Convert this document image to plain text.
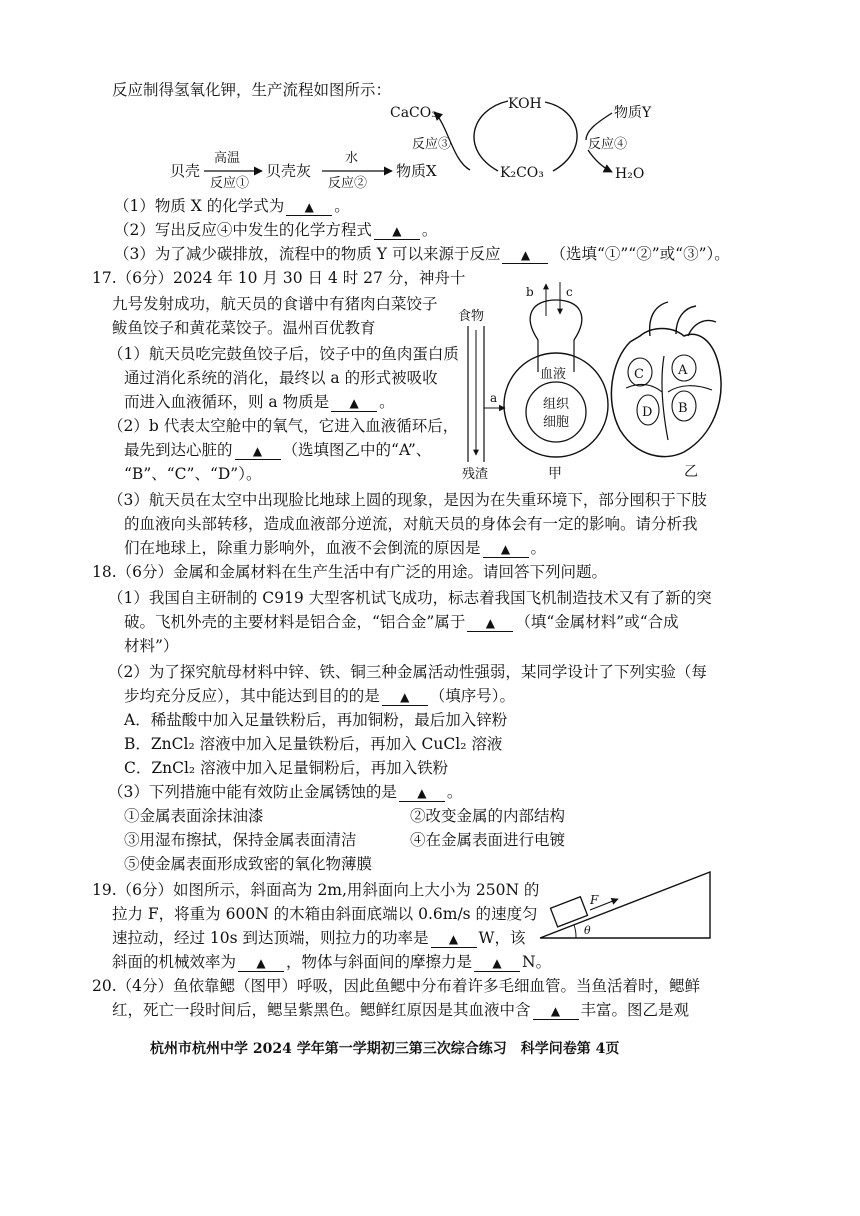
反应制得氢氧化钾，生产流程如图所示：
贝壳
高温
反应①
贝壳灰
水
反应②
物质X
CaCO₃
反应③
KOH
K₂CO₃
物质Y
反应④
H₂O
（1）物质 X 的化学式为 ▲ 。
（2）写出反应④中发生的化学方程式 ▲ 。
（3）为了减少碳排放，流程中的物质 Y 可以来源于反应 ▲ （选填“①”“②”或“③”）。
17.（6分）2024 年 10 月 30 日 4 时 27 分，神舟十
九号发射成功，航天员的食谱中有猪肉白菜饺子
鲅鱼饺子和黄花菜饺子。温州百优教育
（1）航天员吃完鼓鱼饺子后，饺子中的鱼肉蛋白质
通过消化系统的消化，最终以 a 的形式被吸收
而进入血液循环，则 a 物质是 ▲ 。
（2）b 代表太空舱中的氧气，它进入血液循环后，
最先到达心脏的 ▲ （选填图乙中的“A”、
“B”、“C”、“D”）。
食物
残渣
a
b	c
血液
组织
细胞
甲
C	A
D B
乙
（3）航天员在太空中出现脸比地球上圆的现象，是因为在失重环境下，部分囤积于下肢
的血液向头部转移，造成血液部分逆流，对航天员的身体会有一定的影响。请分析我
们在地球上，除重力影响外，血液不会倒流的原因是 ▲ 。
18.（6分）金属和金属材料在生产生活中有广泛的用途。请回答下列问题。
（1）我国自主研制的 C919 大型客机试飞成功，标志着我国飞机制造技术又有了新的突
破。飞机外壳的主要材料是铝合金，“铝合金”属于 ▲ （填“金属材料”或“合成
材料”）
（2）为了探究航母材料中锌、铁、铜三种金属活动性强弱，某同学设计了下列实验（每
步均充分反应），其中能达到目的的是 ▲ （填序号）。
A．稀盐酸中加入足量铁粉后，再加铜粉，最后加入锌粉
B．ZnCl₂ 溶液中加入足量铁粉后，再加入 CuCl₂ 溶液
C．ZnCl₂ 溶液中加入足量铜粉后，再加入铁粉
（3）下列措施中能有效防止金属锈蚀的是 ▲ 。
①金属表面涂抹油漆	②改变金属的内部结构
③用湿布擦拭，保持金属表面清洁	④在金属表面进行电镀
⑤使金属表面形成致密的氧化物薄膜
19.（6分）如图所示，斜面高为 2m,用斜面向上大小为 250N 的
拉力 F，将重为 600N 的木箱由斜面底端以 0.6m/s 的速度匀
速拉动，经过 10s 到达顶端，则拉力的功率是 ▲ W，该
斜面的机械效率为 ▲ ，物体与斜面间的摩擦力是 ▲ N。
F
θ
20.（4分）鱼依靠鳃（图甲）呼吸，因此鱼鳃中分布着许多毛细血管。当鱼活着时，鳃鲜
红，死亡一段时间后，鳃呈紫黑色。鳃鲜红原因是其血液中含 ▲ 丰富。图乙是观
杭州市杭州中学 2024 学年第一学期初三第三次综合练习　科学问卷第 4页
